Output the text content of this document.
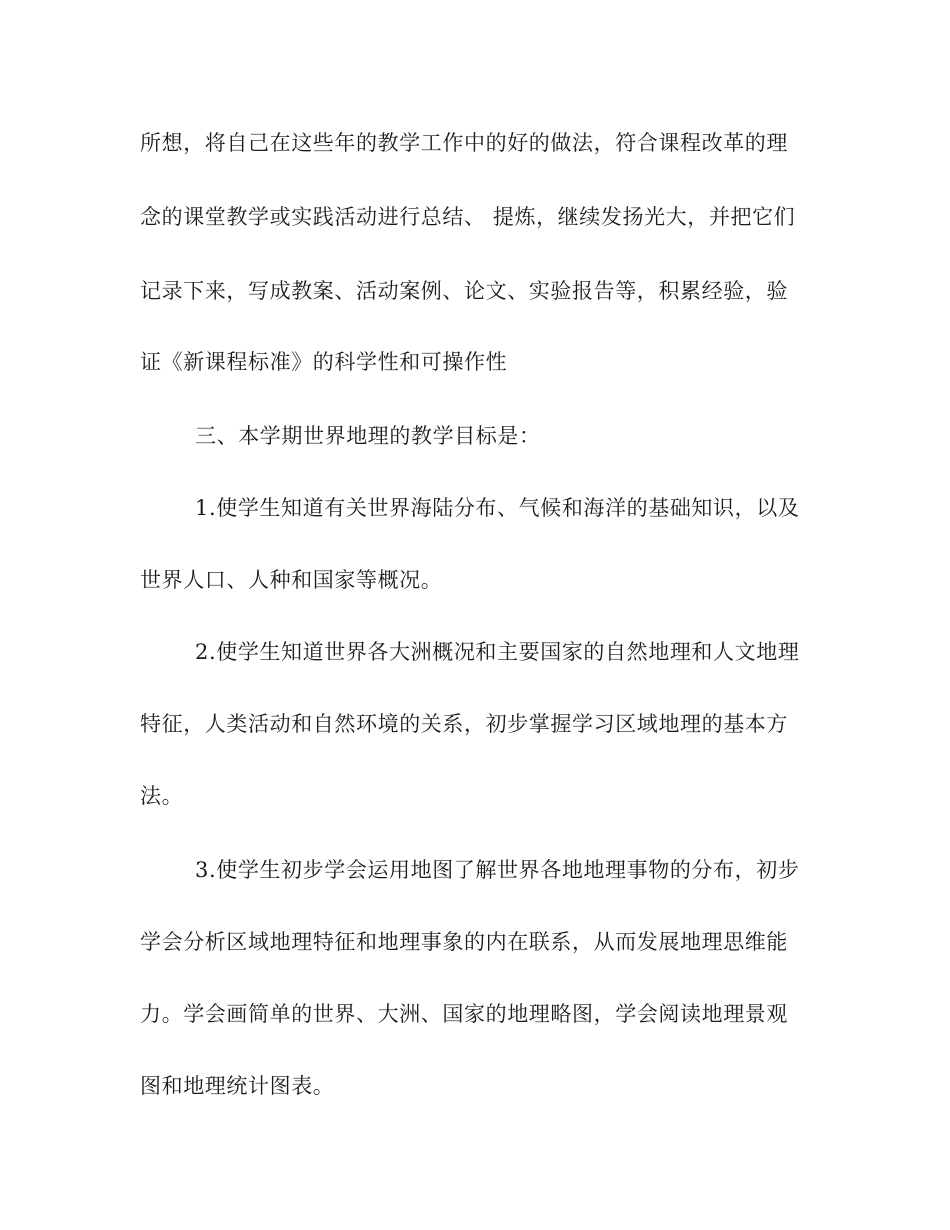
所想，将自己在这些年的教学工作中的好的做法，符合课程改革的理
念的课堂教学或实践活动进行总结、 提炼，继续发扬光大，并把它们
记录下来，写成教案、活动案例、论文、实验报告等，积累经验，验
证《新课程标准》的科学性和可操作性
三、本学期世界地理的教学目标是：
1.使学生知道有关世界海陆分布、气候和海洋的基础知识，以及
世界人口、人种和国家等概况。
2.使学生知道世界各大洲概况和主要国家的自然地理和人文地理
特征，人类活动和自然环境的关系，初步掌握学习区域地理的基本方
法。
3.使学生初步学会运用地图了解世界各地地理事物的分布，初步
学会分析区域地理特征和地理事象的内在联系，从而发展地理思维能
力。学会画简单的世界、大洲、国家的地理略图，学会阅读地理景观
图和地理统计图表。
